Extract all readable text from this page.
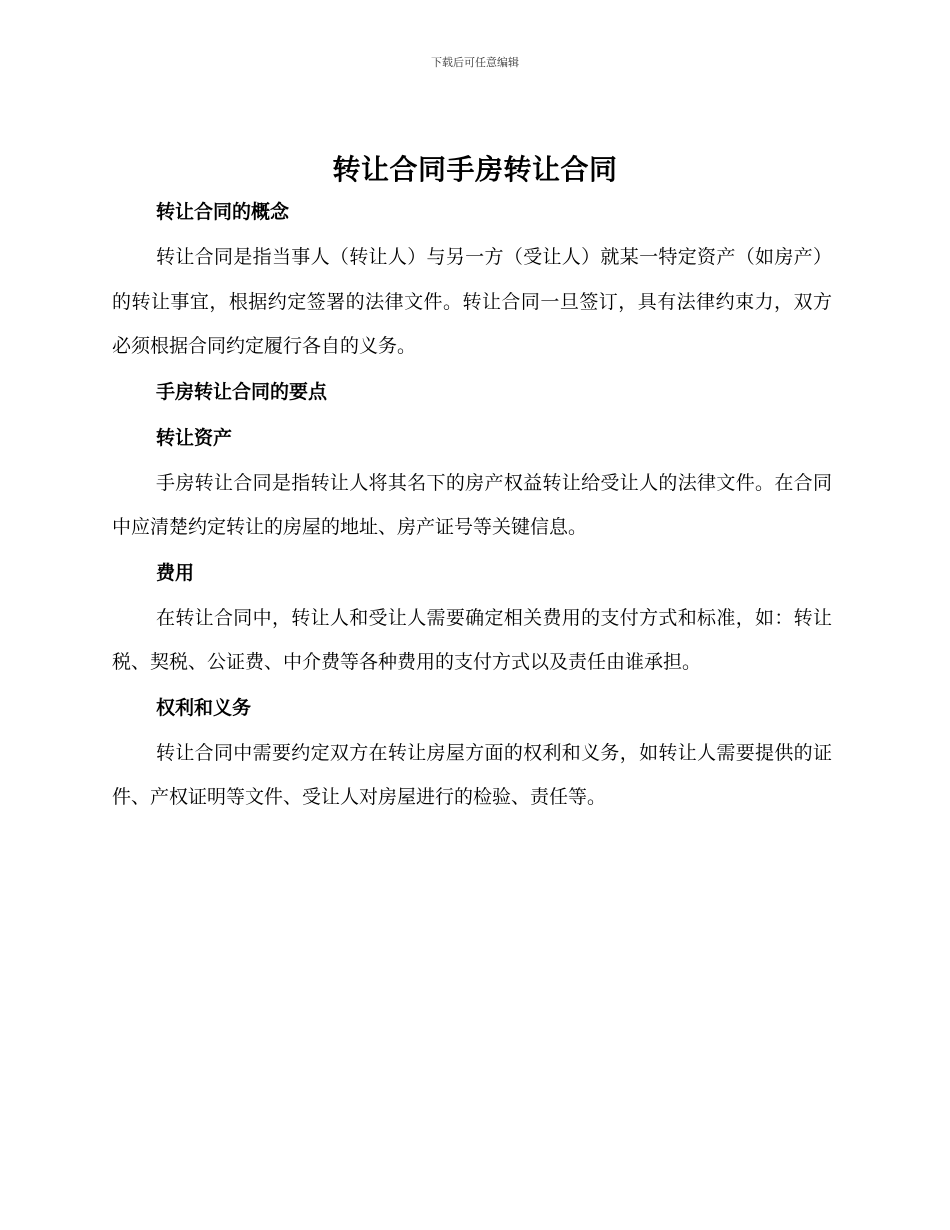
下载后可任意编辑
转让合同手房转让合同

转让合同的概念

转让合同是指当事人（转让人）与另一方（受让人）就某一特定资产（如房产）的转让事宜，根据约定签署的法律文件。转让合同一旦签订，具有法律约束力，双方必须根据合同约定履行各自的义务。

手房转让合同的要点

转让资产

手房转让合同是指转让人将其名下的房产权益转让给受让人的法律文件。在合同中应清楚约定转让的房屋的地址、房产证号等关键信息。

费用

在转让合同中，转让人和受让人需要确定相关费用的支付方式和标准，如：转让税、契税、公证费、中介费等各种费用的支付方式以及责任由谁承担。

权利和义务

转让合同中需要约定双方在转让房屋方面的权利和义务，如转让人需要提供的证件、产权证明等文件、受让人对房屋进行的检验、责任等。
